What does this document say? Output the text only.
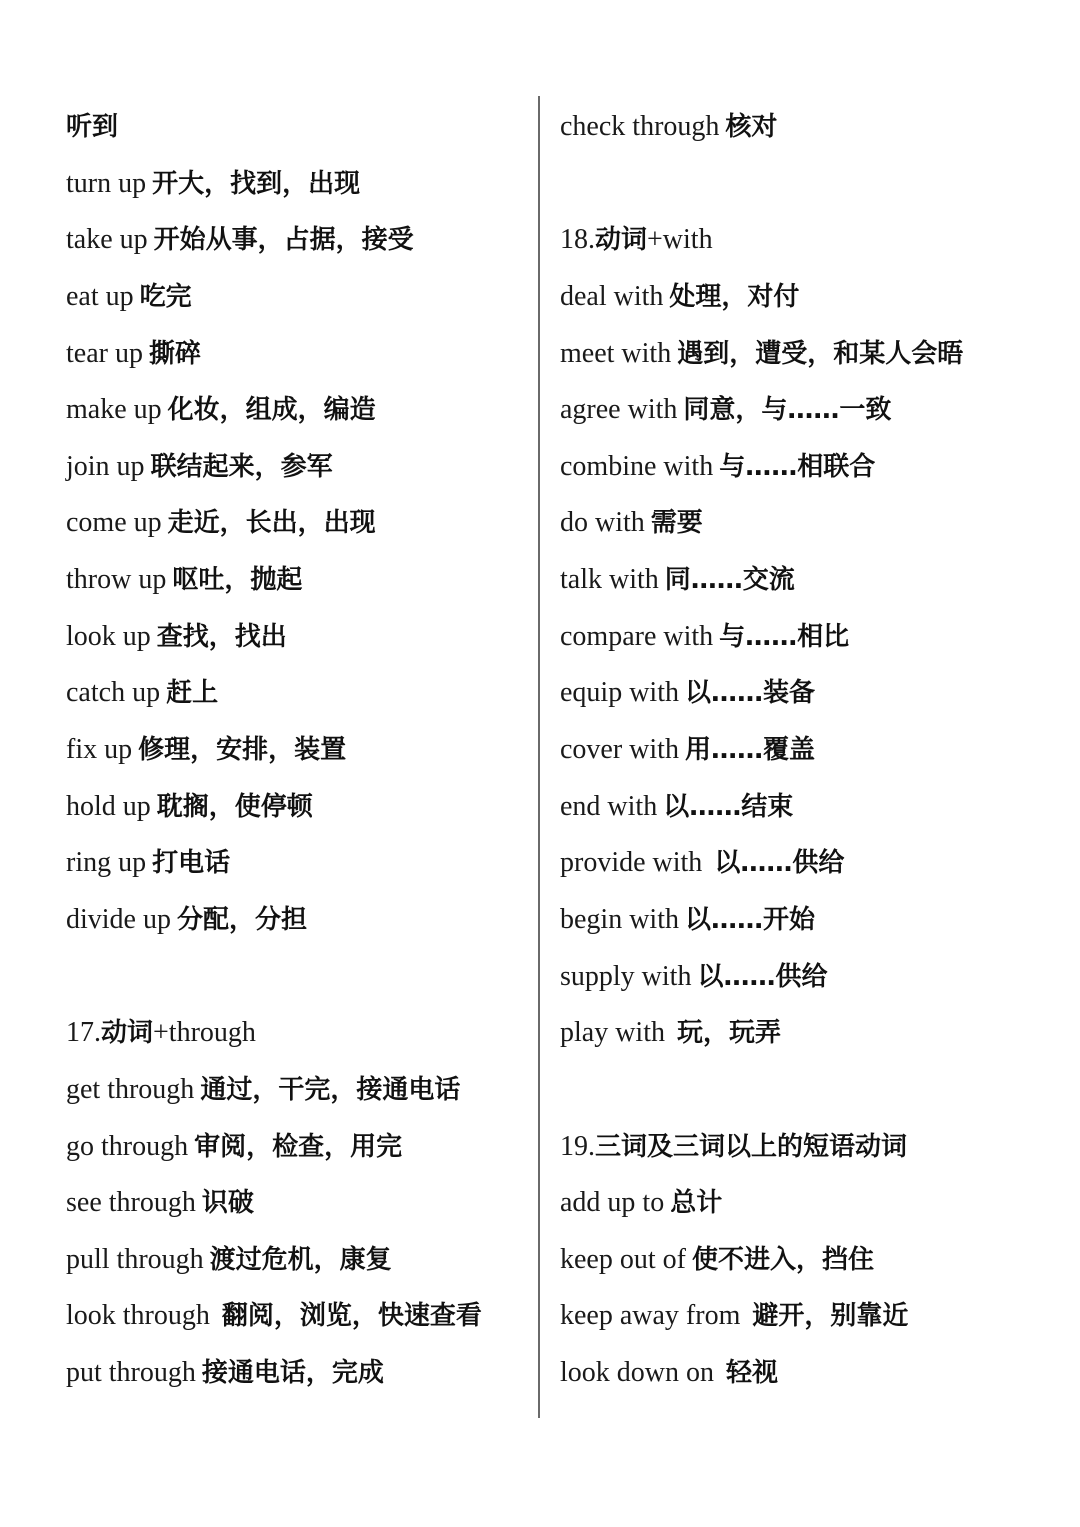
听到
turn up 开大，找到，出现
take up 开始从事，占据，接受
eat up 吃完
tear up 撕碎
make up 化妆，组成，编造
join up 联结起来，参军
come up 走近，长出，出现
throw up 呕吐，抛起
look up 查找，找出
catch up 赶上
fix up 修理，安排，装置
hold up 耽搁，使停顿
ring up 打电话
divide up 分配，分担
17.动词+through
get through 通过，干完，接通电话
go through 审阅，检查，用完
see through 识破
pull through 渡过危机，康复
look through 翻阅，浏览，快速查看
put through 接通电话，完成
check through 核对
18.动词+with
deal with 处理，对付
meet with 遇到，遭受，和某人会晤
agree with 同意，与……一致
combine with 与……相联合
do with 需要
talk with 同……交流
compare with 与……相比
equip with 以……装备
cover with 用……覆盖
end with 以……结束
provide with 以……供给
begin with 以……开始
supply with 以……供给
play with 玩，玩弄
19.三词及三词以上的短语动词
add up to 总计
keep out of 使不进入，挡住
keep away from 避开，别靠近
look down on 轻视
